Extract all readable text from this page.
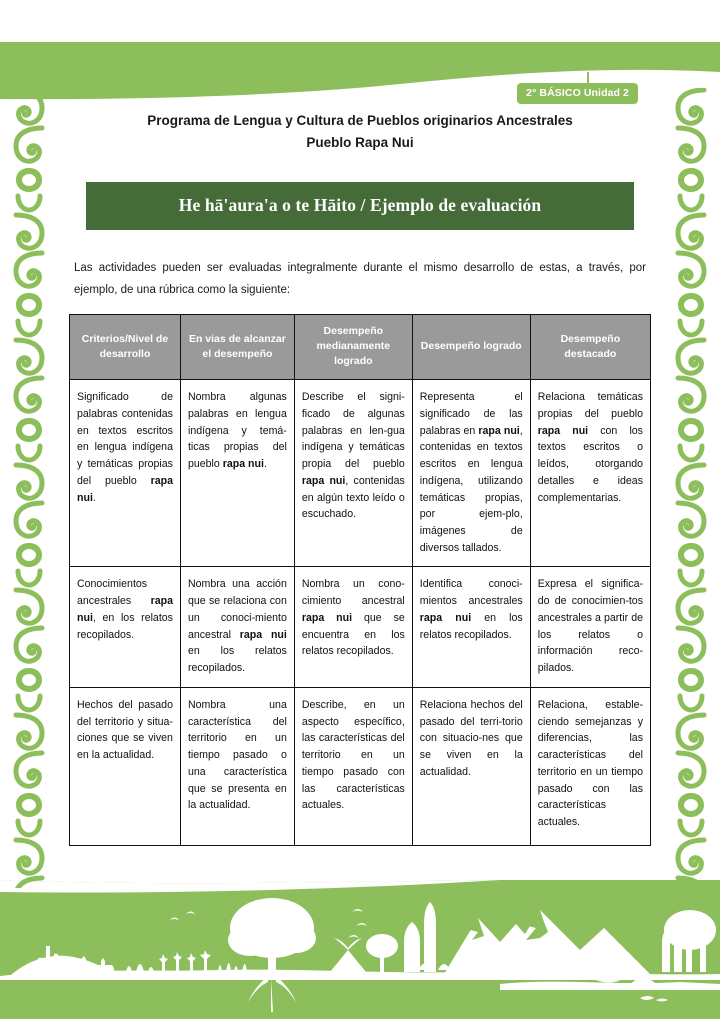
2° BÁSICO Unidad 2
Programa de Lengua y Cultura de Pueblos originarios Ancestrales
Pueblo Rapa Nui
He hā'aura'a o te Hāito / Ejemplo de evaluación

Las actividades pueden ser evaluadas integralmente durante el mismo desarrollo de estas, a través, por ejemplo, de una rúbrica como la siguiente:

Criterios/Nivel de desarrollo	En vias de alcanzar el desempeño	Desempeño medianamente logrado	Desempeño logrado	Desempeño destacado
Significado de palabras contenidas en textos escritos en lengua indígena y temáticas propias del pueblo rapa nui.	Nombra algunas palabras en lengua indígena y temá-ticas propias del pueblo rapa nui.	Describe el signi-ficado de algunas palabras en len-gua indígena y temáticas propia del pueblo rapa nui, contenidas en algún texto leído o escuchado.	Representa el significado de las palabras en rapa nui, contenidas en textos escritos en lengua indígena, utilizando temáticas propias, por ejem-plo, imágenes de diversos tallados.	Relaciona temáticas propias del pueblo rapa nui con los textos escritos o leídos, otorgando detalles e ideas complementarias.
Conocimientos ancestrales rapa nui, en los relatos recopilados.	Nombra una acción que se relaciona con un conoci-miento ancestral rapa nui en los relatos recopilados.	Nombra un cono-cimiento ancestral rapa nui que se encuentra en los relatos recopilados.	Identifica conoci-mientos ancestrales rapa nui en los relatos recopilados.	Expresa el significa-do de conocimien-tos ancestrales a partir de los relatos o información reco-pilados.
Hechos del pasado del territorio y situa-ciones que se viven en la actualidad.	Nombra una característica del territorio en un tiempo pasado o una característica que se presenta en la actualidad.	Describe, en un aspecto específico, las características del territorio en un tiempo pasado con las características actuales.	Relaciona hechos del pasado del terri-torio con situacio-nes que se viven en la actualidad.	Relaciona, estable-ciendo semejanzas y diferencias, las características del territorio en un tiempo pasado con las características actuales.
